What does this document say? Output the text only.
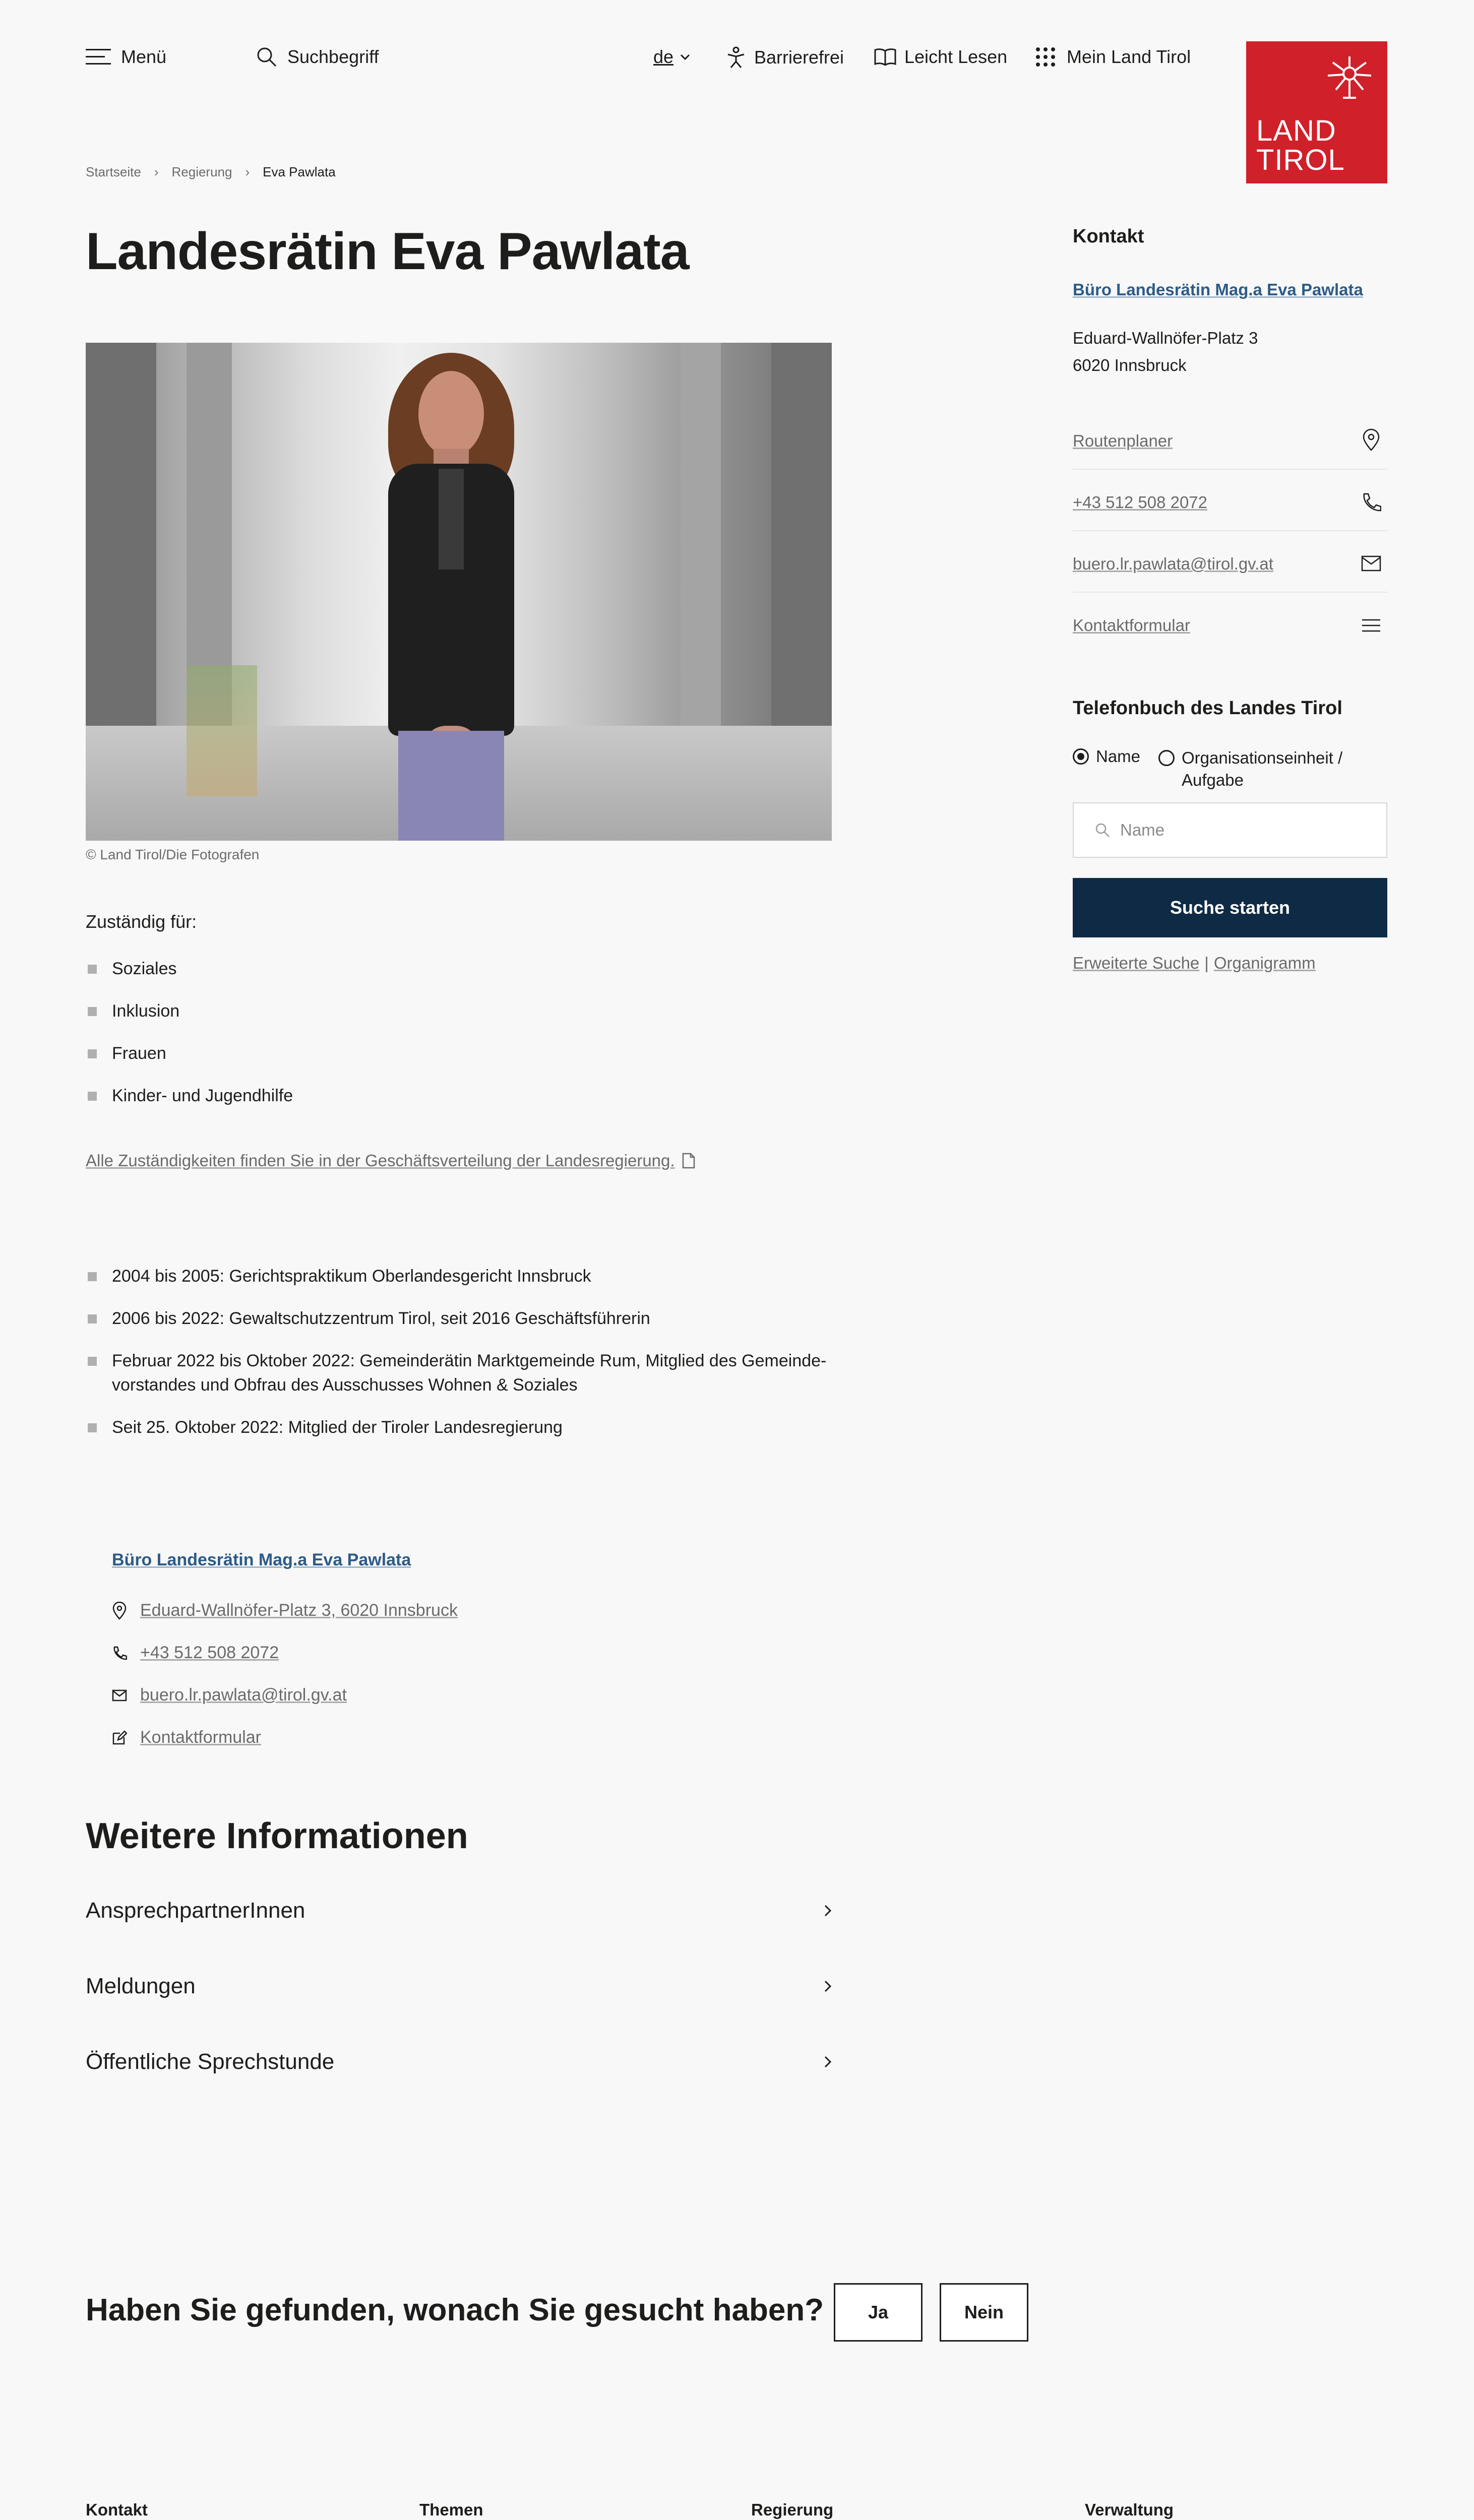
Menü	Suchbegriff	de	Barrierefrei	Leicht Lesen	Mein Land Tirol
LAND
TIROL
Startseite › Regierung › Eva Pawlata
Landesrätin Eva Pawlata
© Land Tirol/Die Fotografen
Zuständig für:
Soziales
Inklusion
Frauen
Kinder- und Jugendhilfe
Alle Zuständigkeiten finden Sie in der Geschäftsverteilung der Landesregierung.
2004 bis 2005: Gerichtspraktikum Oberlandesgericht Innsbruck
2006 bis 2022: Gewaltschutzzentrum Tirol, seit 2016 Geschäftsführerin
Februar 2022 bis Oktober 2022: Gemeinderätin Marktgemeinde Rum, Mitglied des Gemeinde-
vorstandes und Obfrau des Ausschusses Wohnen & Soziales
Seit 25. Oktober 2022: Mitglied der Tiroler Landesregierung
Büro Landesrätin Mag.a Eva Pawlata
Eduard-Wallnöfer-Platz 3, 6020 Innsbruck
+43 512 508 2072
buero.lr.pawlata@tirol.gv.at
Kontaktformular
Weitere Informationen
AnsprechpartnerInnen
Meldungen
Öffentliche Sprechstunde
Haben Sie gefunden, wonach Sie gesucht haben?	Ja	Nein
Kontakt
Büro Landesrätin Mag.a Eva Pawlata
Eduard-Wallnöfer-Platz 3
6020 Innsbruck
Routenplaner
+43 512 508 2072
buero.lr.pawlata@tirol.gv.at
Kontaktformular
Telefonbuch des Landes Tirol
Name Organisationseinheit /
Aufgabe
Name
Suche starten
Erweiterte Suche | Organigramm
Kontakt	Themen	Regierung	Verwaltung
